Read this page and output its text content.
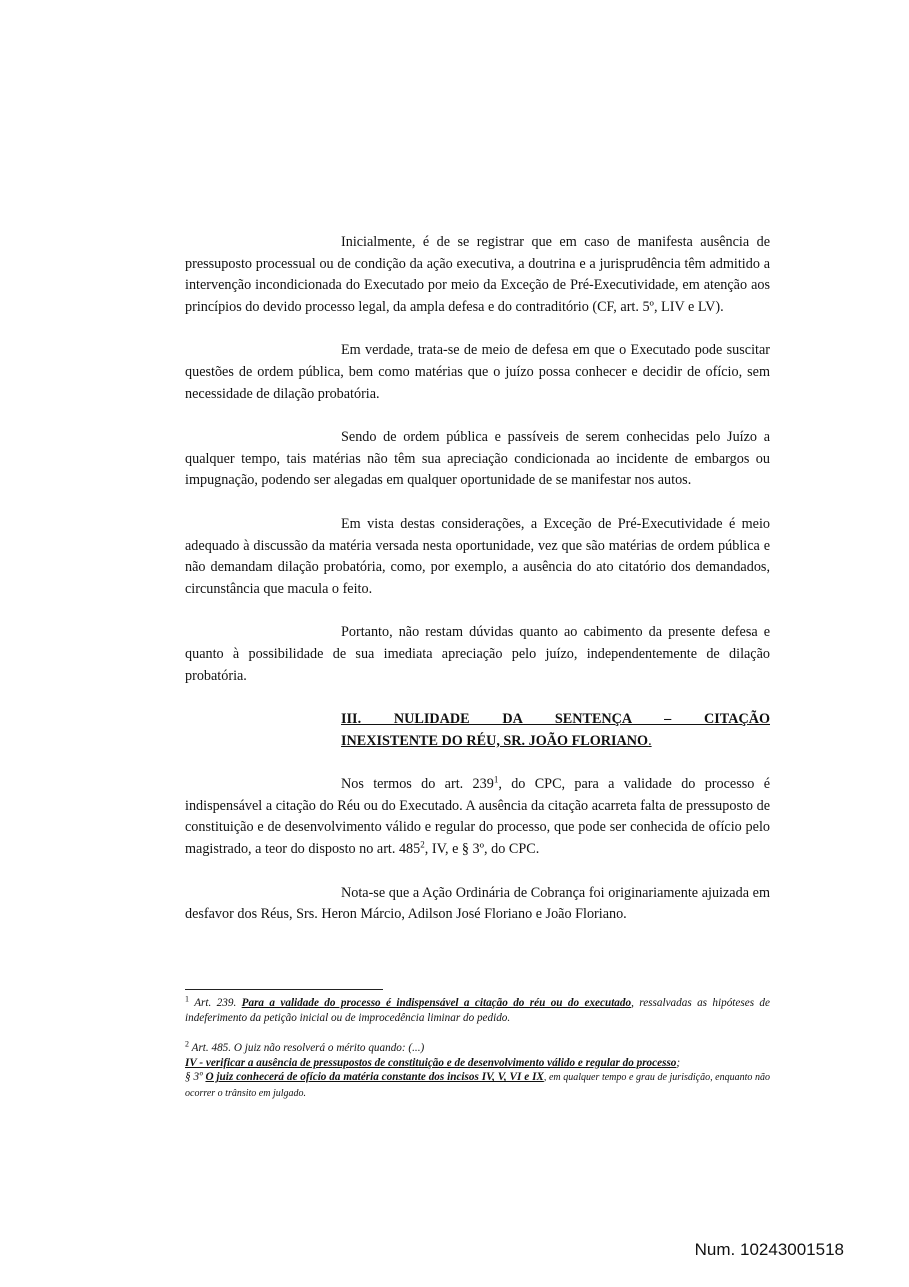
Inicialmente, é de se registrar que em caso de manifesta ausência de pressuposto processual ou de condição da ação executiva, a doutrina e a jurisprudência têm admitido a intervenção incondicionada do Executado por meio da Exceção de Pré-Executividade, em atenção aos princípios do devido processo legal, da ampla defesa e do contraditório (CF, art. 5º, LIV e LV).

Em verdade, trata-se de meio de defesa em que o Executado pode suscitar questões de ordem pública, bem como matérias que o juízo possa conhecer e decidir de ofício, sem necessidade de dilação probatória.

Sendo de ordem pública e passíveis de serem conhecidas pelo Juízo a qualquer tempo, tais matérias não têm sua apreciação condicionada ao incidente de embargos ou impugnação, podendo ser alegadas em qualquer oportunidade de se manifestar nos autos.

Em vista destas considerações, a Exceção de Pré-Executividade é meio adequado à discussão da matéria versada nesta oportunidade, vez que são matérias de ordem pública e não demandam dilação probatória, como, por exemplo, a ausência do ato citatório dos demandados, circunstância que macula o feito.

Portanto, não restam dúvidas quanto ao cabimento da presente defesa e quanto à possibilidade de sua imediata apreciação pelo juízo, independentemente de dilação probatória.

III. NULIDADE DA SENTENÇA – CITAÇÃO
INEXISTENTE DO RÉU, SR. JOÃO FLORIANO.

Nos termos do art. $239^1$, do CPC, para a validade do processo é indispensável a citação do Réu ou do Executado. A ausência da citação acarreta falta de pressuposto de constituição e de desenvolvimento válido e regular do processo, que pode ser conhecida de ofício pelo magistrado, a teor do disposto no art. $485^2$, IV, e § 3º, do CPC.

Nota-se que a Ação Ordinária de Cobrança foi originariamente ajuizada em desfavor dos Réus, Srs. Heron Márcio, Adilson José Floriano e João Floriano.

$^1$ Art. 239. Para a validade do processo é indispensável a citação do réu ou do executado, ressalvadas as hipóteses de indeferimento da petição inicial ou de improcedência liminar do pedido.

$^2$ Art. 485. O juiz não resolverá o mérito quando: (...)

IV - verificar a ausência de pressupostos de constituição e de desenvolvimento válido e regular do processo;

§ 3º O juiz conhecerá de ofício da matéria constante dos incisos IV, V, VI e IX, em qualquer tempo e grau de jurisdição, enquanto não ocorrer o trânsito em julgado.

Num. 10243001518
